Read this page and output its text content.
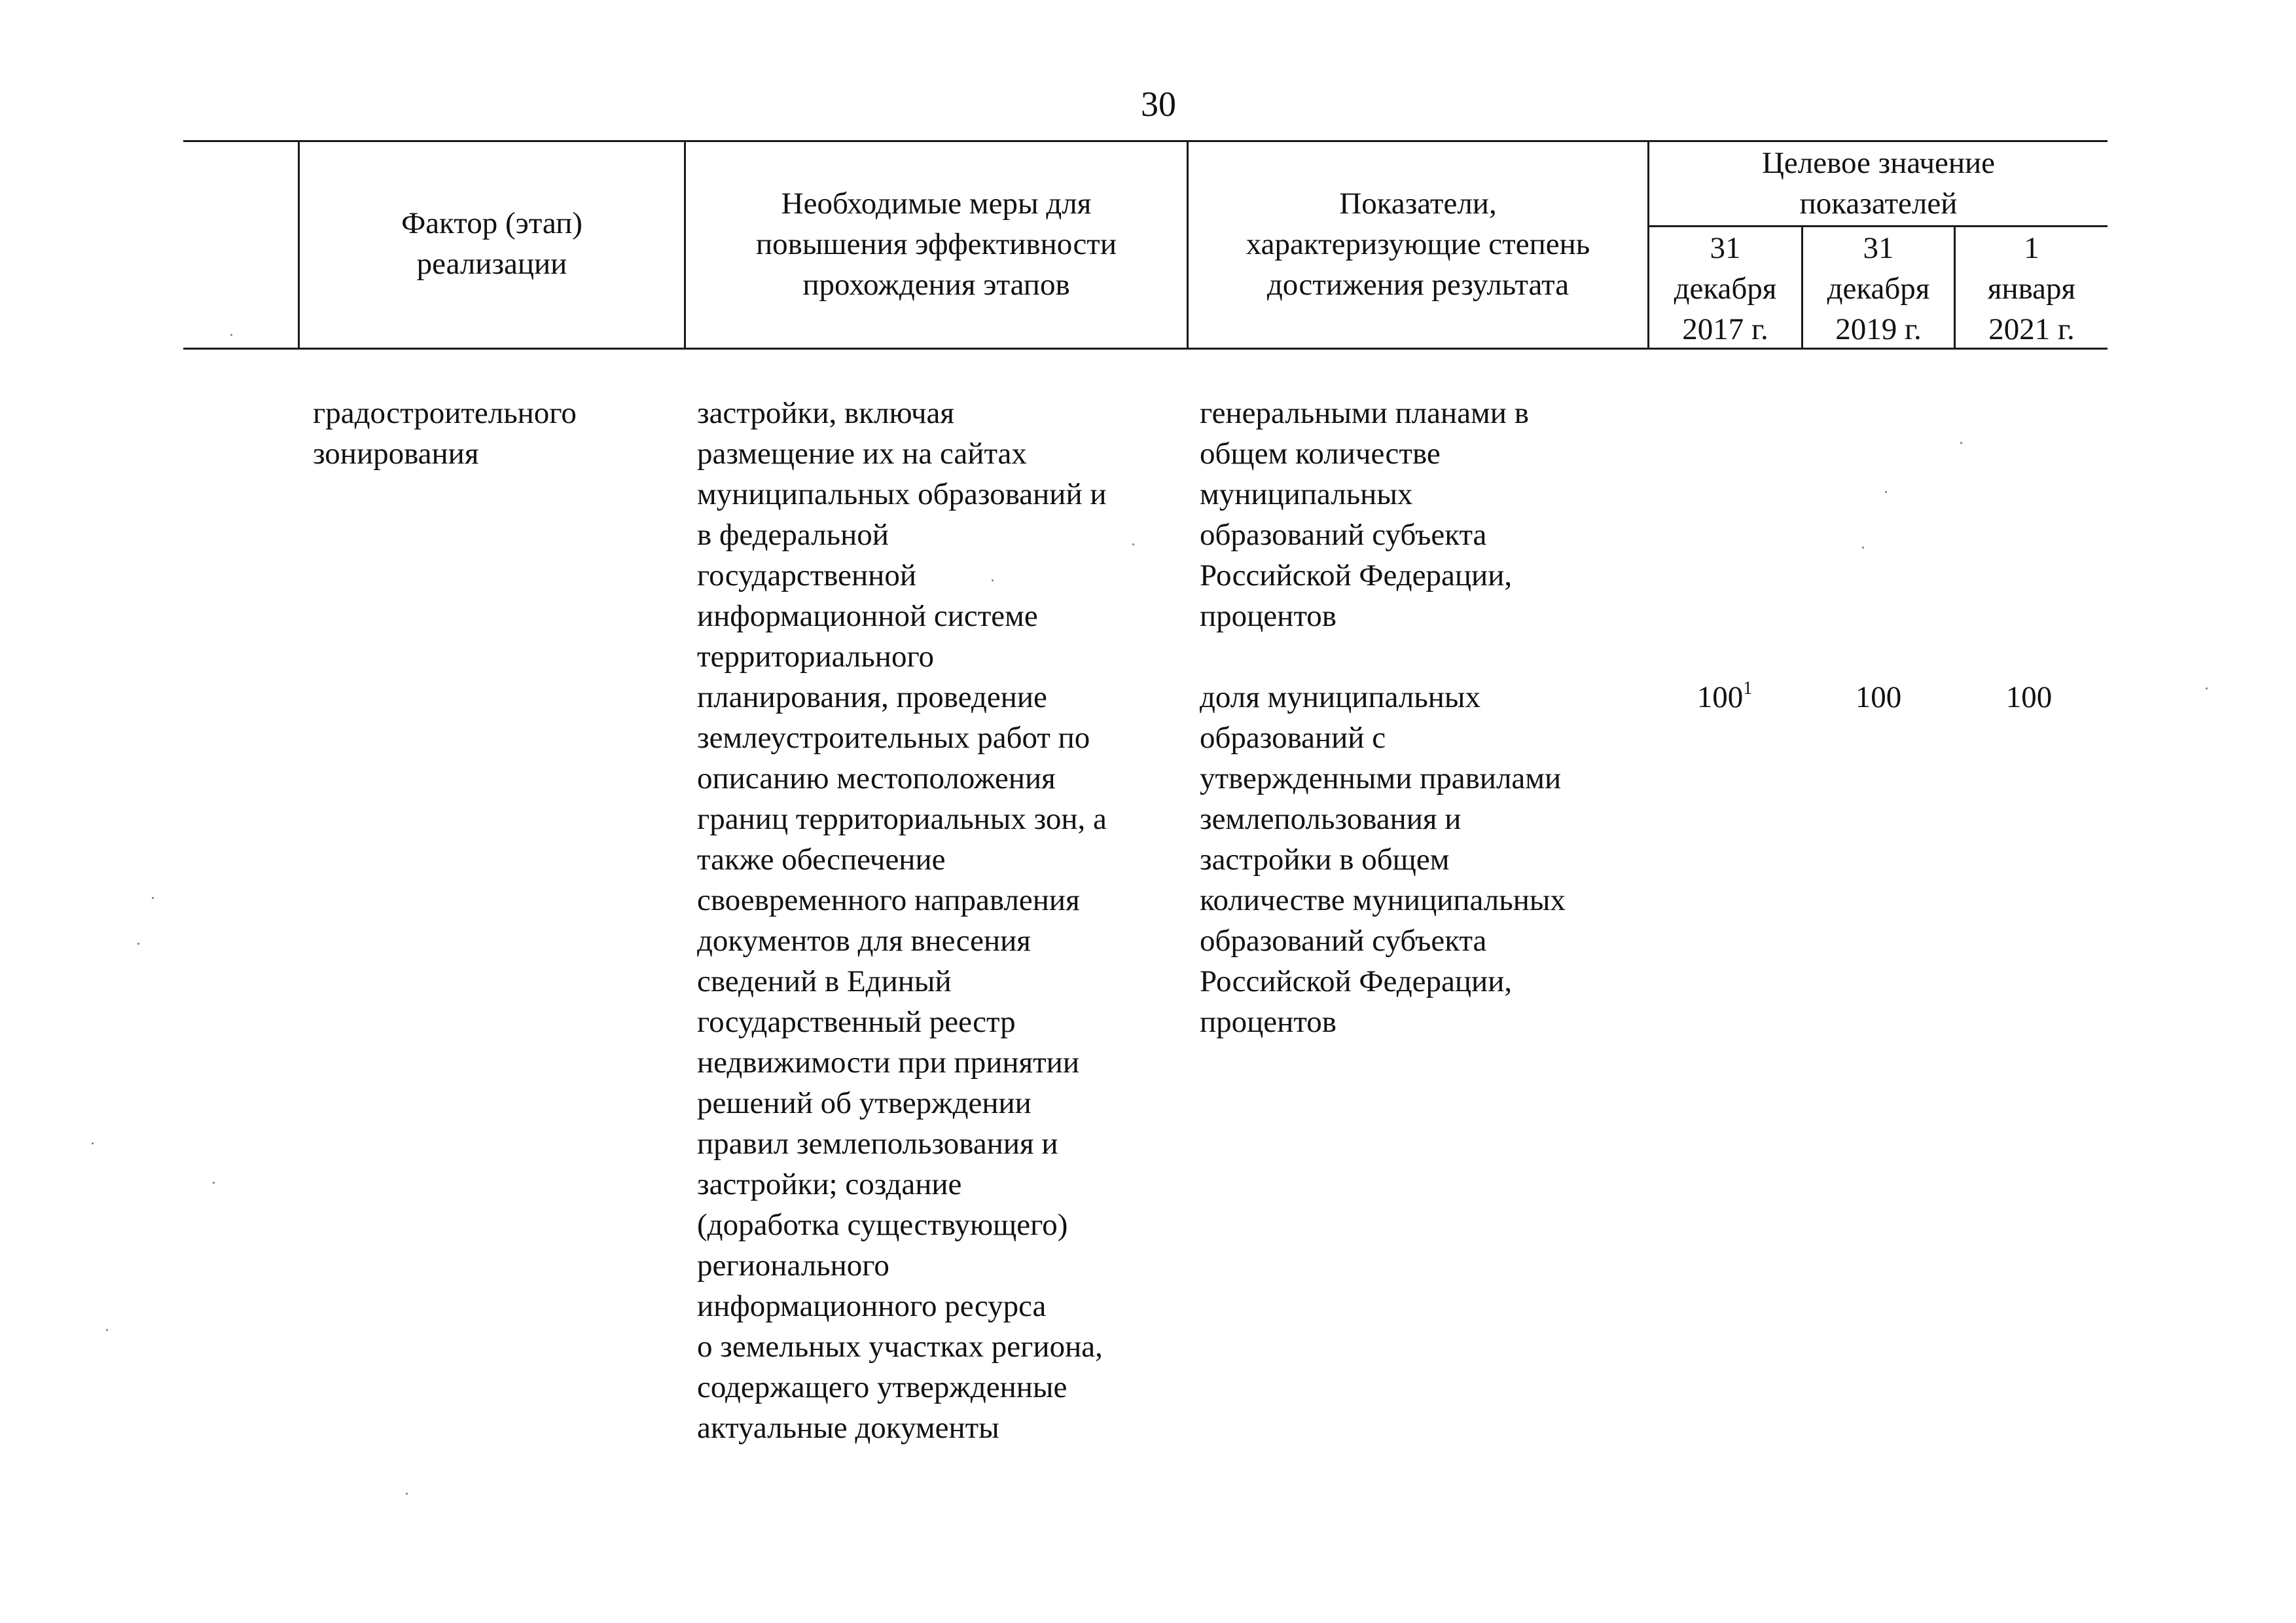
30
Фактор (этап)
реализации
Необходимые меры для
повышения эффективности
прохождения этапов
Показатели,
характеризующие степень
достижения результата
Целевое значение
показателей
31
декабря
2017 г.
31
декабря
2019 г.
1
января
2021 г.
градостроительного
зонирования
застройки, включая
размещение их на сайтах
муниципальных образований и
в федеральной
государственной
информационной системе
территориального
планирования, проведение
землеустроительных работ по
описанию местоположения
границ территориальных зон, а
также обеспечение
своевременного направления
документов для внесения
сведений в Единый
государственный реестр
недвижимости при принятии
решений об утверждении
правил землепользования и
застройки; создание
(доработка существующего)
регионального
информационного ресурса
о земельных участках региона,
содержащего утвержденные
актуальные документы
генеральными планами в
общем количестве
муниципальных
образований субъекта
Российской Федерации,
процентов
доля муниципальных
образований с
утвержденными правилами
землепользования и
застройки в общем
количестве муниципальных
образований субъекта
Российской Федерации,
процентов
$100^1$	100	100
